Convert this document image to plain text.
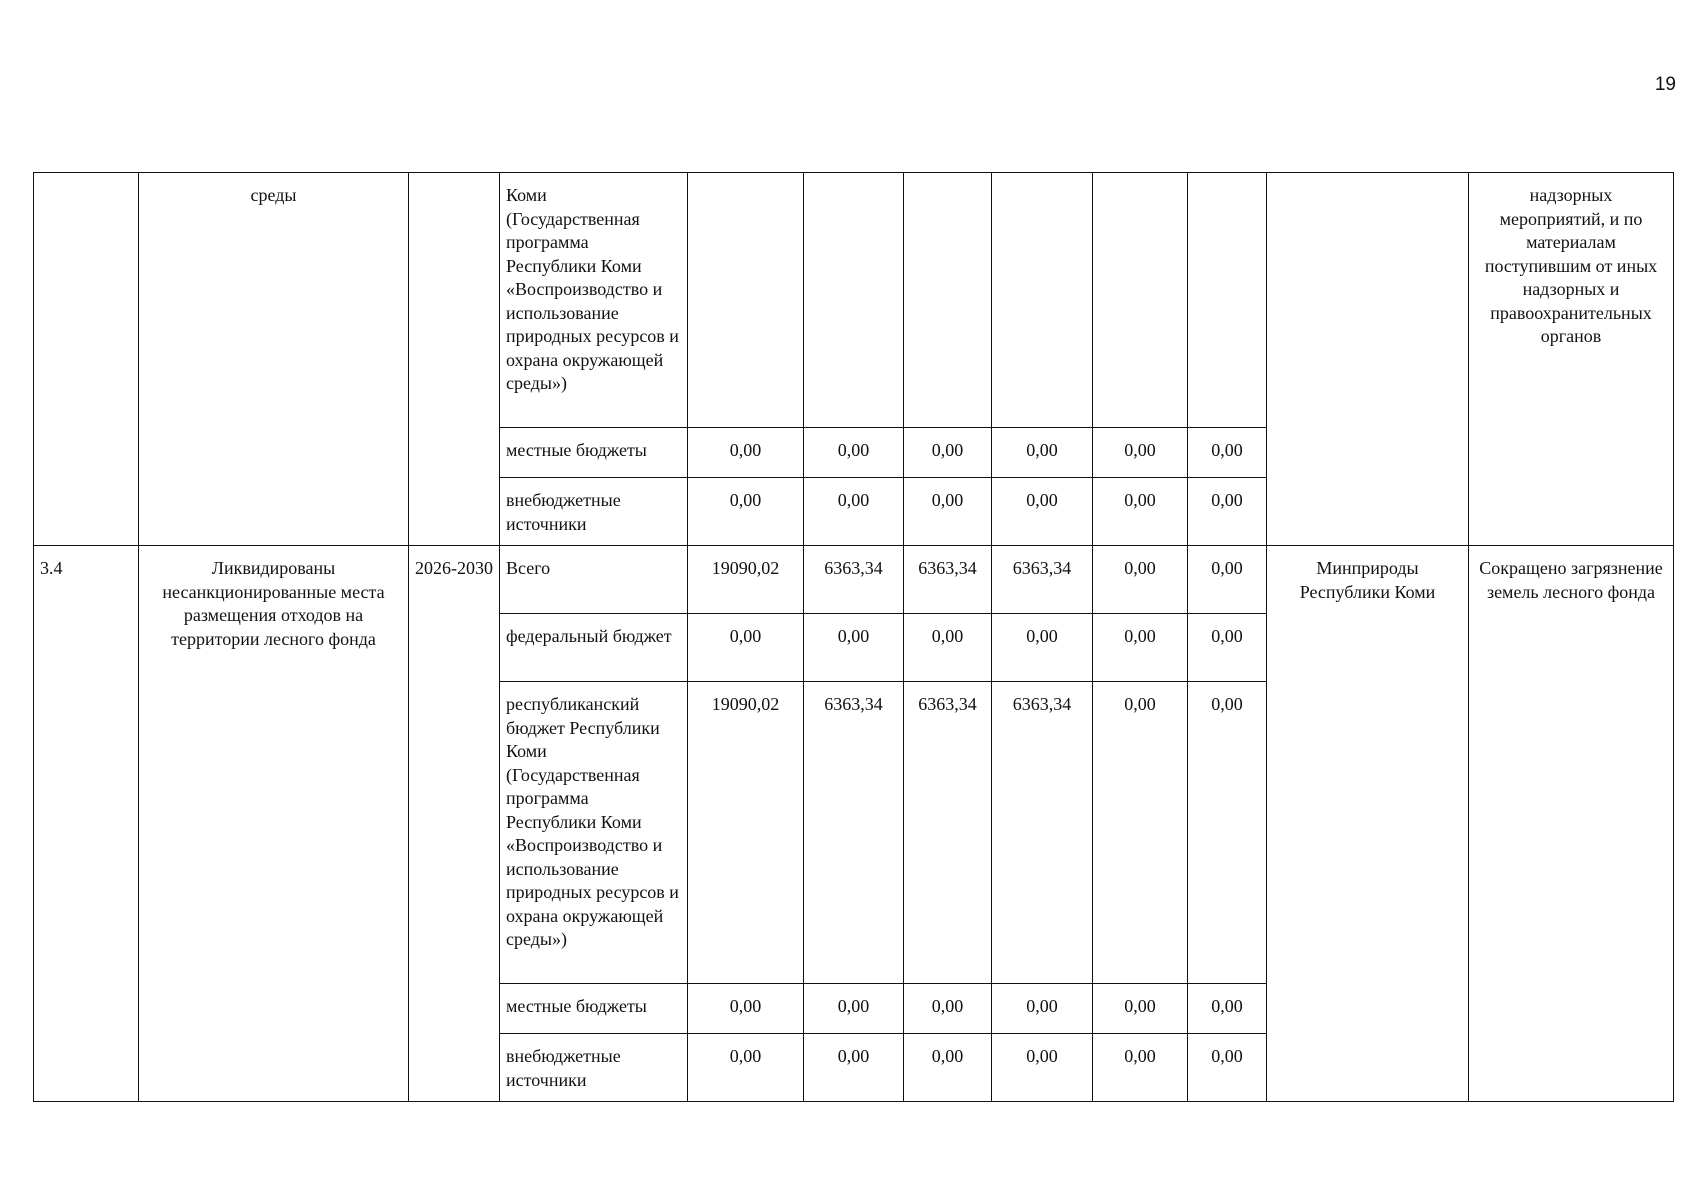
19
	среды		Коми (Государственная программа Республики Коми «Воспроизводство и использование природных ресурсов и охрана окружающей среды»)								надзорных мероприятий, и по материалам поступившим от иных надзорных и правоохранительных органов
			местные бюджеты	0,00	0,00	0,00	0,00	0,00	0,00		
			внебюджетные источники	0,00	0,00	0,00	0,00	0,00	0,00		
3.4	Ликвидированы несанкционированные места размещения отходов на территории лесного фонда	2026-2030	Всего	19090,02	6363,34	6363,34	6363,34	0,00	0,00	Минприроды Республики Коми	Сокращено загрязнение земель лесного фонда
			федеральный бюджет	0,00	0,00	0,00	0,00	0,00	0,00		
			республиканский бюджет Республики Коми (Государственная программа Республики Коми «Воспроизводство и использование природных ресурсов и охрана окружающей среды»)	19090,02	6363,34	6363,34	6363,34	0,00	0,00		
			местные бюджеты	0,00	0,00	0,00	0,00	0,00	0,00		
			внебюджетные источники	0,00	0,00	0,00	0,00	0,00	0,00		
